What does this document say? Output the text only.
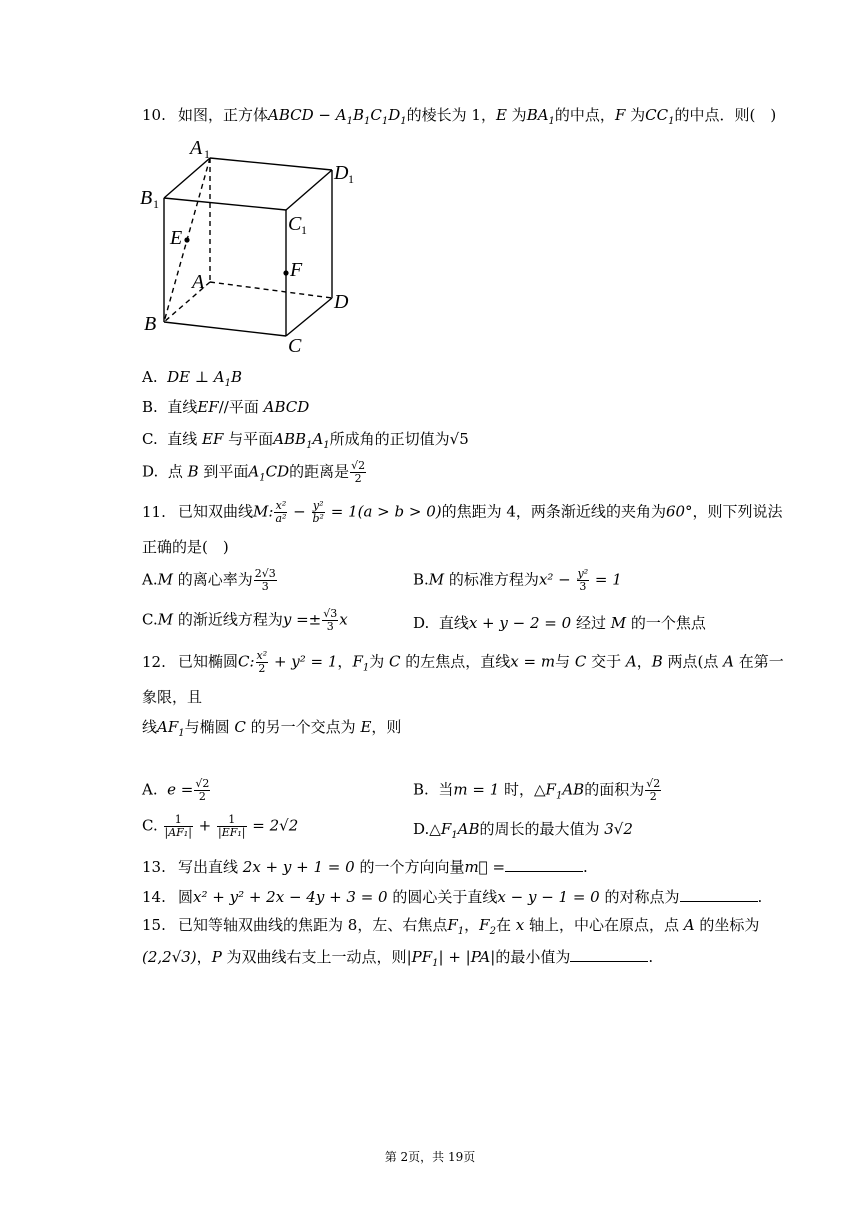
10. 如图，正方体ABCD − $A_1B_1C_1D_1$的棱长为 1，E 为$BA_1$的中点，F 为$CC_1$的中点．则(　)
A 1
D 1
B 1
C 1
E
F
A
D
B
C
A. DE ⊥ $A_1B$
B. 直线EF//平面 ABCD
C. 直线 EF 与平面$ABB_1A_1$所成角的正切值为√5
D. 点 B 到平面$A_1CD$的距离是 $\frac{√2}{2}$
11. 已知双曲线M: $\frac{\text{x²}}{\text{a²}} - \frac{\text{y²}}{\text{b²}} = 1(a > b > 0)$的焦距为 4，两条渐近线的夹角为60°，则下列说法
正确的是(　)
A.M 的离心率为 $\frac{2√3}{3}$	B.M 的标准方程为$x^2 - \frac{\text{y²}}{3} = 1$
C.M 的渐近线方程为$y =\pm \frac{√3}{3}$ x	D. 直线x + y − 2 = 0 经过 M 的一个焦点
12. 已知椭圆C: $\frac{\text{x²}}{2} + y^2 = 1$，$F_1$为 C 的左焦点，直线x = m与 C 交于 A，B 两点(点 A 在第一
象限，且
线$AF_1$与椭圆 C 的另一个交点为 E，则
A. $e = \frac{√2}{2}$	B. 当m = 1 时，$\triangle F_1AB$的面积为 $\frac{√2}{2}$
C. $\frac{1}{\text{|AF₁|}} + \frac{1}{\text{|EF₁|}} = 2√2$	$D.\triangle F_1AB$的周长的最大值为 3√2
13. 写出直线 2x + y + 1 = 0 的一个方向向量m⃗ =	.
14. 圆x² + y² + 2x − 4y + 3 = 0 的圆心关于直线x − y − 1 = 0 的对称点为	.
15. 已知等轴双曲线的焦距为 8，左、右焦点$F_1$，$F_2$在 x 轴上，中心在原点，点 A 的坐标为
(2,2√3)，P 为双曲线右支上一动点，则$|PF_1| + |PA|$的最小值为	.
第 2页，共 19页
